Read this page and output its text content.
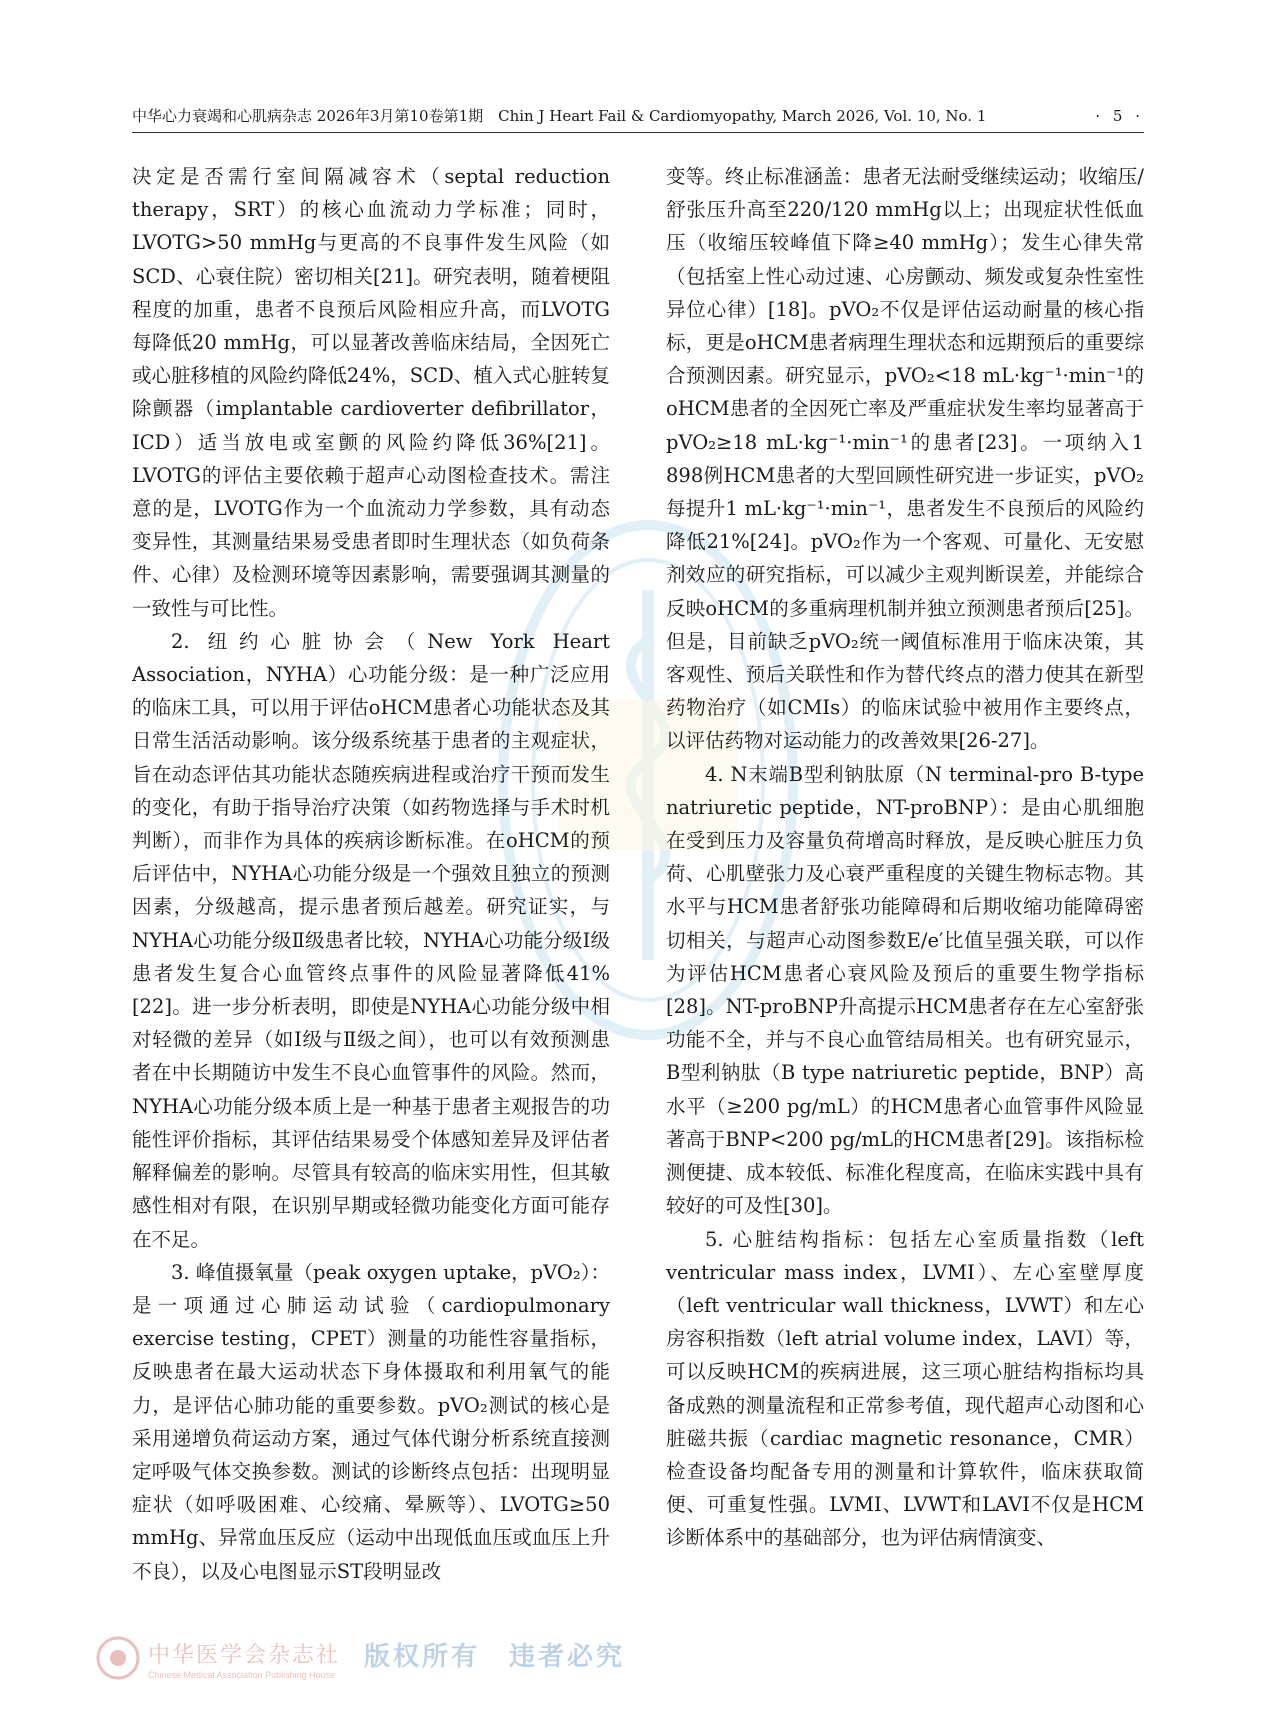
中华心力衰竭和心肌病杂志 2026年3月第10卷第1期　Chin J Heart Fail & Cardiomyopathy, March 2026, Vol. 10, No. 1	· 5 ·

决定是否需行室间隔减容术（septal reduction therapy，SRT）的核心血流动力学标准；同时，LVOTG>50 mmHg与更高的不良事件发生风险（如SCD、心衰住院）密切相关[21]。研究表明，随着梗阻程度的加重，患者不良预后风险相应升高，而LVOTG每降低20 mmHg，可以显著改善临床结局，全因死亡或心脏移植的风险约降低24%，SCD、植入式心脏转复除颤器（implantable cardioverter defibrillator，ICD）适当放电或室颤的风险约降低36%[21]。LVOTG的评估主要依赖于超声心动图检查技术。需注意的是，LVOTG作为一个血流动力学参数，具有动态变异性，其测量结果易受患者即时生理状态（如负荷条件、心律）及检测环境等因素影响，需要强调其测量的一致性与可比性。

2. 纽约心脏协会（New York Heart Association，NYHA）心功能分级：是一种广泛应用的临床工具，可以用于评估oHCM患者心功能状态及其日常生活活动影响。该分级系统基于患者的主观症状，旨在动态评估其功能状态随疾病进程或治疗干预而发生的变化，有助于指导治疗决策（如药物选择与手术时机判断），而非作为具体的疾病诊断标准。在oHCM的预后评估中，NYHA心功能分级是一个强效且独立的预测因素，分级越高，提示患者预后越差。研究证实，与NYHA心功能分级Ⅱ级患者比较，NYHA心功能分级Ⅰ级患者发生复合心血管终点事件的风险显著降低41%[22]。进一步分析表明，即使是NYHA心功能分级中相对轻微的差异（如Ⅰ级与Ⅱ级之间），也可以有效预测患者在中长期随访中发生不良心血管事件的风险。然而，NYHA心功能分级本质上是一种基于患者主观报告的功能性评价指标，其评估结果易受个体感知差异及评估者解释偏差的影响。尽管具有较高的临床实用性，但其敏感性相对有限，在识别早期或轻微功能变化方面可能存在不足。

3. 峰值摄氧量（peak oxygen uptake，pVO₂）：是一项通过心肺运动试验（cardiopulmonary exercise testing，CPET）测量的功能性容量指标，反映患者在最大运动状态下身体摄取和利用氧气的能力，是评估心肺功能的重要参数。pVO₂测试的核心是采用递增负荷运动方案，通过气体代谢分析系统直接测定呼吸气体交换参数。测试的诊断终点包括：出现明显症状（如呼吸困难、心绞痛、晕厥等）、LVOTG≥50 mmHg、异常血压反应（运动中出现低血压或血压上升不良），以及心电图显示ST段明显改

变等。终止标准涵盖：患者无法耐受继续运动；收缩压/舒张压升高至220/120 mmHg以上；出现症状性低血压（收缩压较峰值下降≥40 mmHg）；发生心律失常（包括室上性心动过速、心房颤动、频发或复杂性室性异位心律）[18]。pVO₂不仅是评估运动耐量的核心指标，更是oHCM患者病理生理状态和远期预后的重要综合预测因素。研究显示，pVO₂<18 mL·kg⁻¹·min⁻¹的oHCM患者的全因死亡率及严重症状发生率均显著高于pVO₂≥18 mL·kg⁻¹·min⁻¹的患者[23]。一项纳入1 898例HCM患者的大型回顾性研究进一步证实，pVO₂每提升1 mL·kg⁻¹·min⁻¹，患者发生不良预后的风险约降低21%[24]。pVO₂作为一个客观、可量化、无安慰剂效应的研究指标，可以减少主观判断误差，并能综合反映oHCM的多重病理机制并独立预测患者预后[25]。但是，目前缺乏pVO₂统一阈值标准用于临床决策，其客观性、预后关联性和作为替代终点的潜力使其在新型药物治疗（如CMIs）的临床试验中被用作主要终点，以评估药物对运动能力的改善效果[26-27]。

4. N末端B型利钠肽原（N terminal-pro B-type natriuretic peptide，NT-proBNP）：是由心肌细胞在受到压力及容量负荷增高时释放，是反映心脏压力负荷、心肌壁张力及心衰严重程度的关键生物标志物。其水平与HCM患者舒张功能障碍和后期收缩功能障碍密切相关，与超声心动图参数E/e′比值呈强关联，可以作为评估HCM患者心衰风险及预后的重要生物学指标[28]。NT-proBNP升高提示HCM患者存在左心室舒张功能不全，并与不良心血管结局相关。也有研究显示，B型利钠肽（B type natriuretic peptide，BNP）高水平（≥200 pg/mL）的HCM患者心血管事件风险显著高于BNP<200 pg/mL的HCM患者[29]。该指标检测便捷、成本较低、标准化程度高，在临床实践中具有较好的可及性[30]。

5. 心脏结构指标：包括左心室质量指数（left ventricular mass index，LVMI）、左心室壁厚度（left ventricular wall thickness，LVWT）和左心房容积指数（left atrial volume index，LAVI）等，可以反映HCM的疾病进展，这三项心脏结构指标均具备成熟的测量流程和正常参考值，现代超声心动图和心脏磁共振（cardiac magnetic resonance，CMR）检查设备均配备专用的测量和计算软件，临床获取简便、可重复性强。LVMI、LVWT和LAVI不仅是HCM诊断体系中的基础部分，也为评估病情演变、

中华医学会杂志社
Chinese Medical Association Publishing House
版权所有　违者必究
